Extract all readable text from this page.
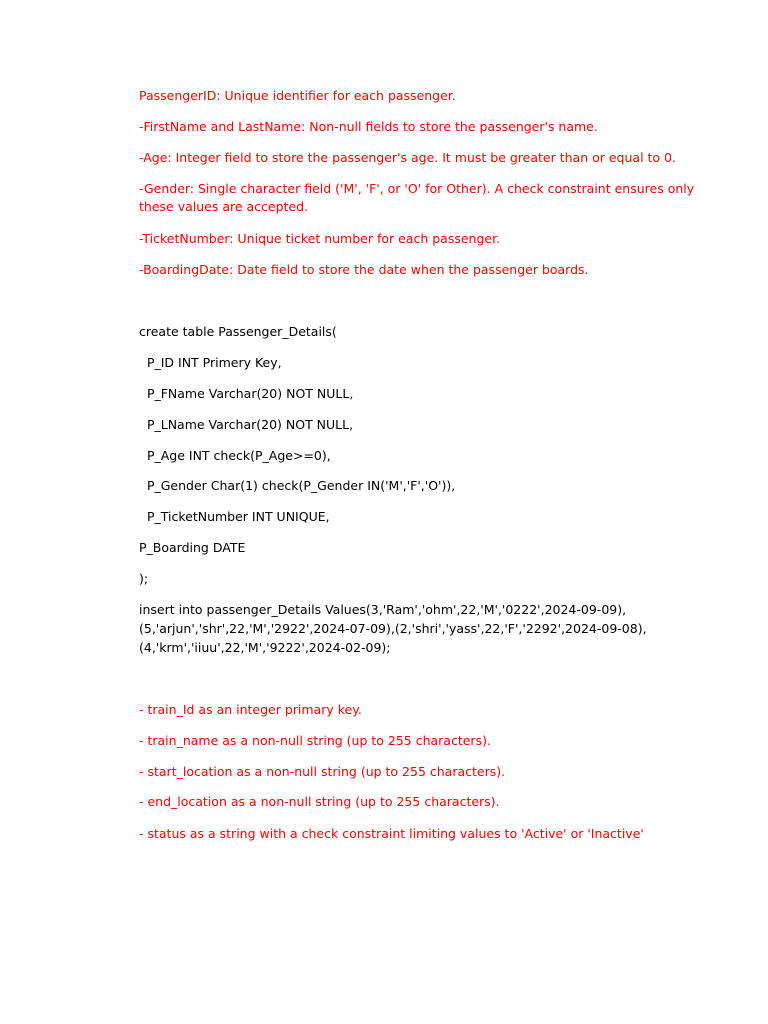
PassengerID: Unique identifier for each passenger.
-FirstName and LastName: Non-null fields to store the passenger's name.
-Age: Integer field to store the passenger's age. It must be greater than or equal to 0.
-Gender: Single character field ('M', 'F', or 'O' for Other). A check constraint ensures only
these values are accepted.
-TicketNumber: Unique ticket number for each passenger.
-BoardingDate: Date field to store the date when the passenger boards.
create table Passenger_Details(
P_ID INT Primery Key,
P_FName Varchar(20) NOT NULL,
P_LName Varchar(20) NOT NULL,
P_Age INT check(P_Age>=0),
P_Gender Char(1) check(P_Gender IN('M','F','O')),
P_TicketNumber INT UNIQUE,
P_Boarding DATE
);
insert into passenger_Details Values(3,'Ram','ohm',22,'M','0222',2024-09-09),
(5,'arjun','shr',22,'M','2922',2024-07-09),(2,'shri','yass',22,'F','2292',2024-09-08),
(4,'krm','iiuu',22,'M','9222',2024-02-09);
- train_Id as an integer primary key.
- train_name as a non-null string (up to 255 characters).
- start_location as a non-null string (up to 255 characters).
- end_location as a non-null string (up to 255 characters).
- status as a string with a check constraint limiting values to 'Active' or 'Inactive'
